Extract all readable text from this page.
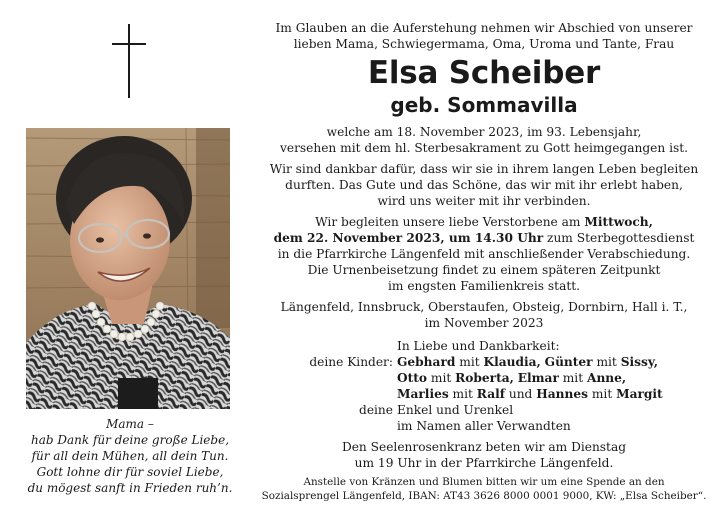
Mama –
hab Dank für deine große Liebe,
für all dein Mühen, all dein Tun.
Gott lohne dir für soviel Liebe,
du mögest sanft in Frieden ruh’n.
Im Glauben an die Auferstehung nehmen wir Abschied von unserer
lieben Mama, Schwiegermama, Oma, Uroma und Tante, Frau
Elsa Scheiber
geb. Sommavilla
welche am 18. November 2023, im 93. Lebensjahr,
versehen mit dem hl. Sterbesakrament zu Gott heimgegangen ist.
Wir sind dankbar dafür, dass wir sie in ihrem langen Leben begleiten
durften. Das Gute und das Schöne, das wir mit ihr erlebt haben,
wird uns weiter mit ihr verbinden.
Wir begleiten unsere liebe Verstorbene am Mittwoch,
dem 22. November 2023, um 14.30 Uhr zum Sterbegottesdienst
in die Pfarrkirche Längenfeld mit anschließender Verabschiedung.
Die Urnenbeisetzung findet zu einem späteren Zeitpunkt
im engsten Familienkreis statt.
Längenfeld, Innsbruck, Oberstaufen, Obsteig, Dornbirn, Hall i. T.,
im November 2023
In Liebe und Dankbarkeit:
deine Kinder: Gebhard mit Klaudia, Günter mit Sissy,
Otto mit Roberta, Elmar mit Anne,
Marlies mit Ralf und Hannes mit Margit
deine Enkel und Urenkel
im Namen aller Verwandten
Den Seelenrosenkranz beten wir am Dienstag
um 19 Uhr in der Pfarrkirche Längenfeld.
Anstelle von Kränzen und Blumen bitten wir um eine Spende an den
Sozialsprengel Längenfeld, IBAN: AT43 3626 8000 0001 9000, KW: „Elsa Scheiber“.
